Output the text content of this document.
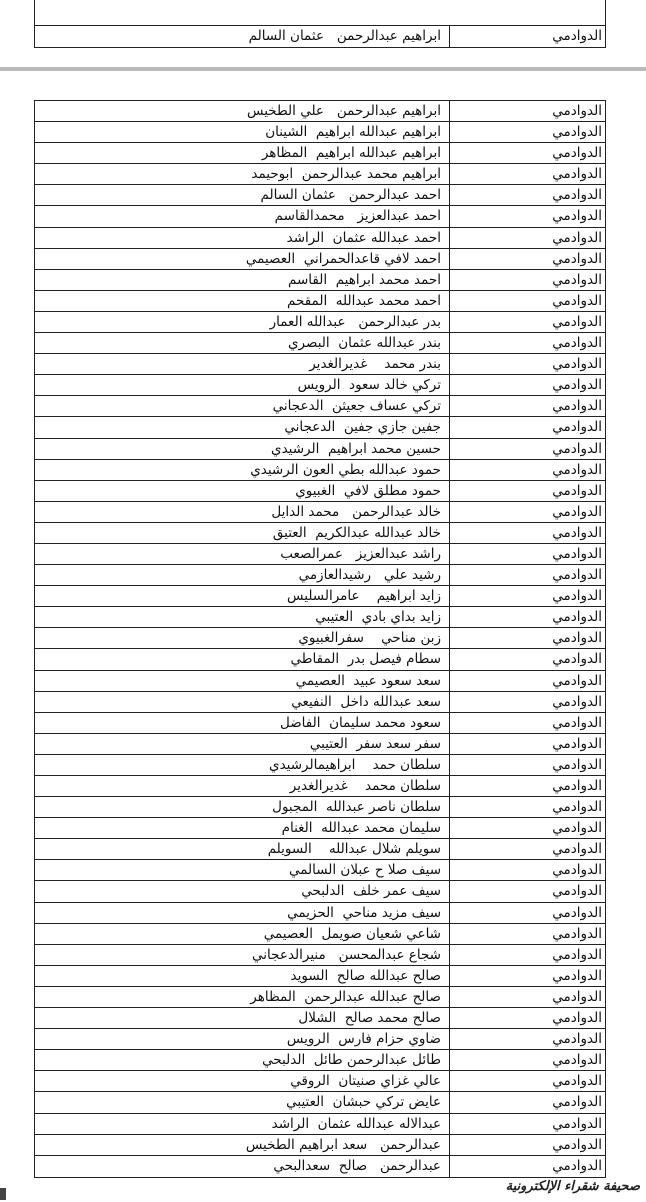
ابراهيم عبدالرحمن   عثمان السالم	الدوادمي
ابراهيم عبدالرحمن   علي الطخيس	الدوادمي
ابراهيم عبدالله ابراهيم  الشينان	الدوادمي
ابراهيم عبدالله ابراهيم  المظاهر	الدوادمي
ابراهيم محمد عبدالرحمن  ابوحيمد	الدوادمي
احمد عبدالرحمن   عثمان السالم	الدوادمي
احمد عبدالعزيز   محمدالقاسم	الدوادمي
احمد عبدالله عثمان  الراشد	الدوادمي
احمد لافي قاعدالحمراني  العصيمي	الدوادمي
احمد محمد ابراهيم  القاسم	الدوادمي
احمد محمد عبدالله  المقحم	الدوادمي
بدر عبدالرحمن   عبدالله العمار	الدوادمي
بندر عبدالله عثمان  البصري	الدوادمي
بندر محمد    غديرالغدير	الدوادمي
تركي خالد سعود  الرويس	الدوادمي
تركي عساف جعيثن  الدعجاني	الدوادمي
جفين جازي جفين  الدعجاني	الدوادمي
حسين محمد ابراهيم  الرشيدي	الدوادمي
حمود عبدالله بطي العون الرشيدي	الدوادمي
حمود مطلق لافي  الغبيوي	الدوادمي
خالد عبدالرحمن   محمد الدايل	الدوادمي
خالد عبدالله عبدالكريم  العتيق	الدوادمي
راشد عبدالعزيز   عمرالصعب	الدوادمي
رشيد علي   رشيدالعازمي	الدوادمي
زايد ابراهيم    عامرالسليس	الدوادمي
زايد بداي بادي  العتيبي	الدوادمي
زبن مناحي    سفرالغبيوي	الدوادمي
سطام فيصل بدر  المقاطي	الدوادمي
سعد سعود عبيد  العصيمي	الدوادمي
سعد عبدالله داخل  النفيعي	الدوادمي
سعود محمد سليمان  الفاضل	الدوادمي
سفر سعد سفر  العتيبي	الدوادمي
سلطان حمد    ابراهيمالرشيدي	الدوادمي
سلطان محمد    غديرالغدير	الدوادمي
سلطان ناصر عبدالله  المجبول	الدوادمي
سليمان محمد عبدالله  الغنام	الدوادمي
سويلم شلال عبدالله    السويلم	الدوادمي
سيف صلا ح عبلان السالمي	الدوادمي
سيف عمر خلف  الدلبحي	الدوادمي
سيف مزيد مناحي  الحزيمي	الدوادمي
شاعي شعيان صويمل  العصيمي	الدوادمي
شجاع عبدالمحسن   منيرالدعجاني	الدوادمي
صالح عبدالله صالح  السويد	الدوادمي
صالح عبدالله عبدالرحمن  المظاهر	الدوادمي
صالح محمد صالح  الشلال	الدوادمي
ضاوي حزام فارس  الرويس	الدوادمي
طائل عبدالرحمن طائل  الدلبحي	الدوادمي
عالي غزاي صنيتان  الروقي	الدوادمي
عايض تركي حبشان  العتيبي	الدوادمي
عبدالاله عبدالله عثمان  الراشد	الدوادمي
عبدالرحمن   سعد ابراهيم الطخيس	الدوادمي
عبدالرحمن   صالح  سعدالبحي	الدوادمي
صحيفة شقراء الإلكترونية
